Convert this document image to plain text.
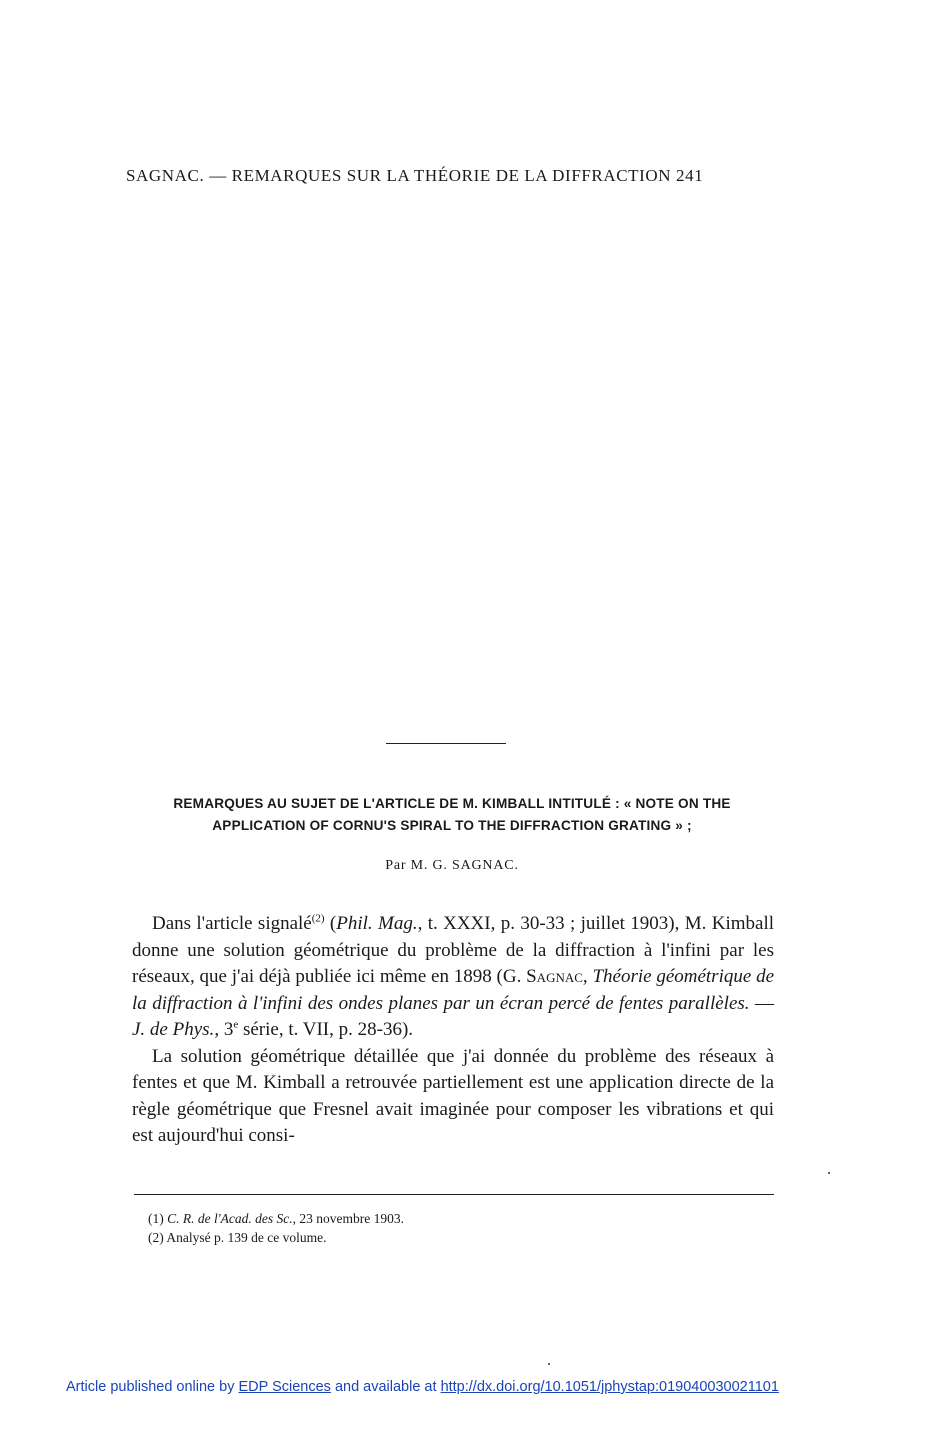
SAGNAC. — REMARQUES SUR LA THÉORIE DE LA DIFFRACTION 241
REMARQUES AU SUJET DE L'ARTICLE DE M. KIMBALL INTITULÉ : « NOTE ON THE
APPLICATION OF CORNU'S SPIRAL TO THE DIFFRACTION GRATING » ;
Par M. G. SAGNAC.

Dans l'article signalé$^{(2)}$ (Phil. Mag., t. XXXI, p. 30-33 ; juillet 1903), M. Kimball donne une solution géométrique du problème de la diffraction à l'infini par les réseaux, que j'ai déjà publiée ici même en 1898 (G. Sagnac, Théorie géométrique de la diffraction à l'infini des ondes planes par un écran percé de fentes parallèles. — J. de Phys., 3e série, t. VII, p. 28-36).

La solution géométrique détaillée que j'ai donnée du problème des réseaux à fentes et que M. Kimball a retrouvée partiellement est une application directe de la règle géométrique que Fresnel avait imaginée pour composer les vibrations et qui est aujourd'hui consi-

(1) C. R. de l'Acad. des Sc., 23 novembre 1903.
(2) Analysé p. 139 de ce volume.
Article published online by EDP Sciences and available at http://dx.doi.org/10.1051/jphystap:019040030021101
